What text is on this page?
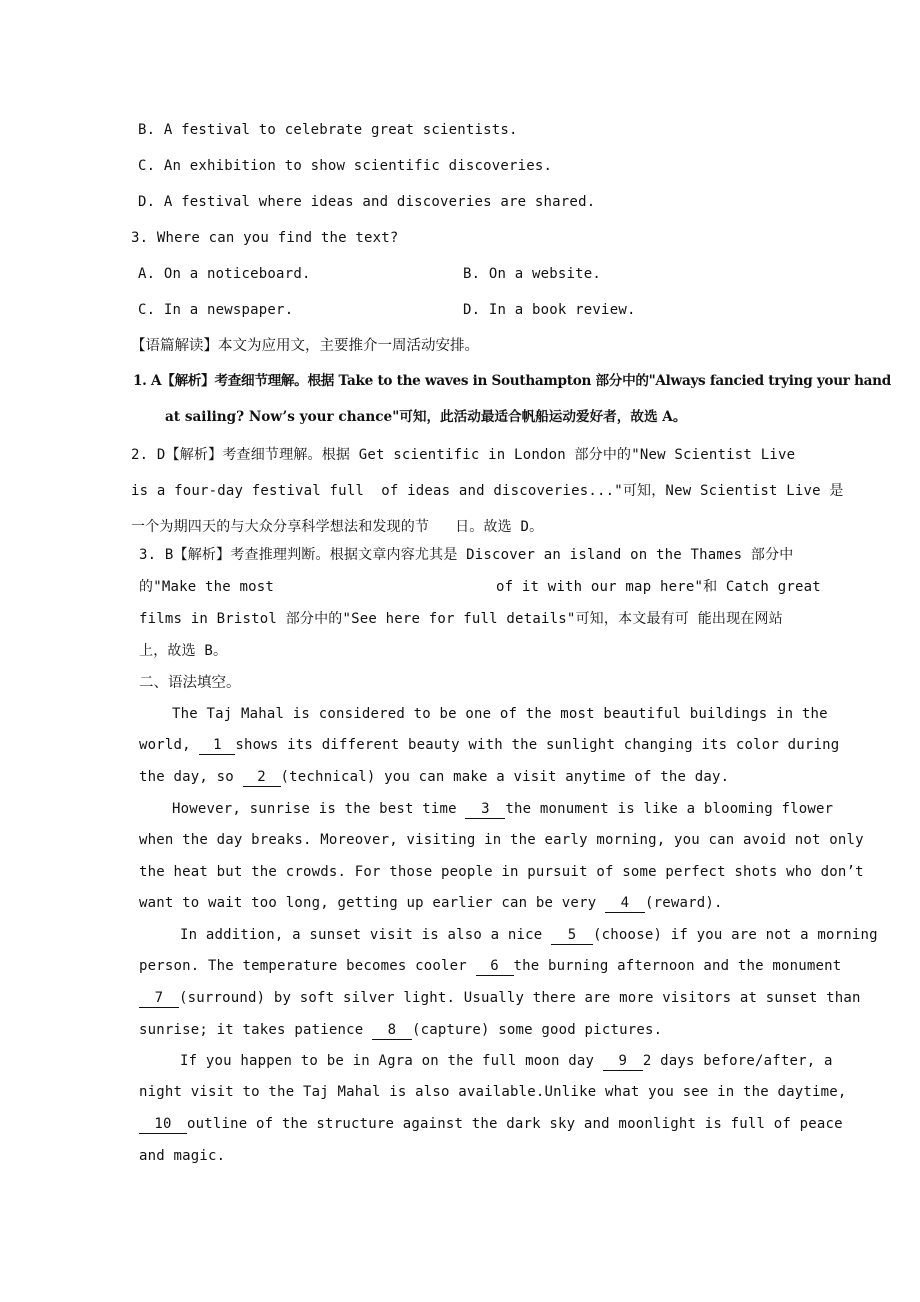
B. A festival to celebrate great scientists.
C. An exhibition to show scientific discoveries.
D. A festival where ideas and discoveries are shared.
3. Where can you find the text?
A. On a noticeboard.	B. On a website.
C. In a newspaper.	D. In a book review.
【语篇解读】本文为应用文，主要推介一周活动安排。
1. A【解析】考查细节理解。根据 Take to the waves in Southampton 部分中的"Always fancied trying your hand
at sailing? Now’s your chance"可知，此活动最适合帆船运动爱好者，故选 A。
2. D【解析】考查细节理解。根据 Get scientific in London 部分中的"New Scientist Live
is a four-day festival full  of ideas and discoveries..."可知，New Scientist Live 是
一个为期四天的与大众分享科学想法和发现的节   日。故选 D。
3. B【解析】考查推理判断。根据文章内容尤其是 Discover an island on the Thames 部分中
的"Make the most	of it with our map here"和 Catch great
films in Bristol 部分中的"See here for full details"可知，本文最有可 能出现在网站
上，故选 B。
二、语法填空。
The Taj Mahal is considered to be one of the most beautiful buildings in the
world, 1 shows its different beauty with the sunlight changing its color during
the day, so 2 (technical) you can make a visit anytime of the day.
However, sunrise is the best time 3 the monument is like a blooming flower
when the day breaks. Moreover, visiting in the early morning, you can avoid not only
the heat but the crowds. For those people in pursuit of some perfect shots who don’t
want to wait too long, getting up earlier can be very 4 (reward).
In addition, a sunset visit is also a nice 5 (choose) if you are not a morning
person. The temperature becomes cooler 6 the burning afternoon and the monument
7 (surround) by soft silver light. Usually there are more visitors at sunset than
sunrise; it takes patience 8 (capture) some good pictures.
If you happen to be in Agra on the full moon day 9 2 days before/after, a
night visit to the Taj Mahal is also available.Unlike what you see in the daytime,
10 outline of the structure against the dark sky and moonlight is full of peace
and magic.
